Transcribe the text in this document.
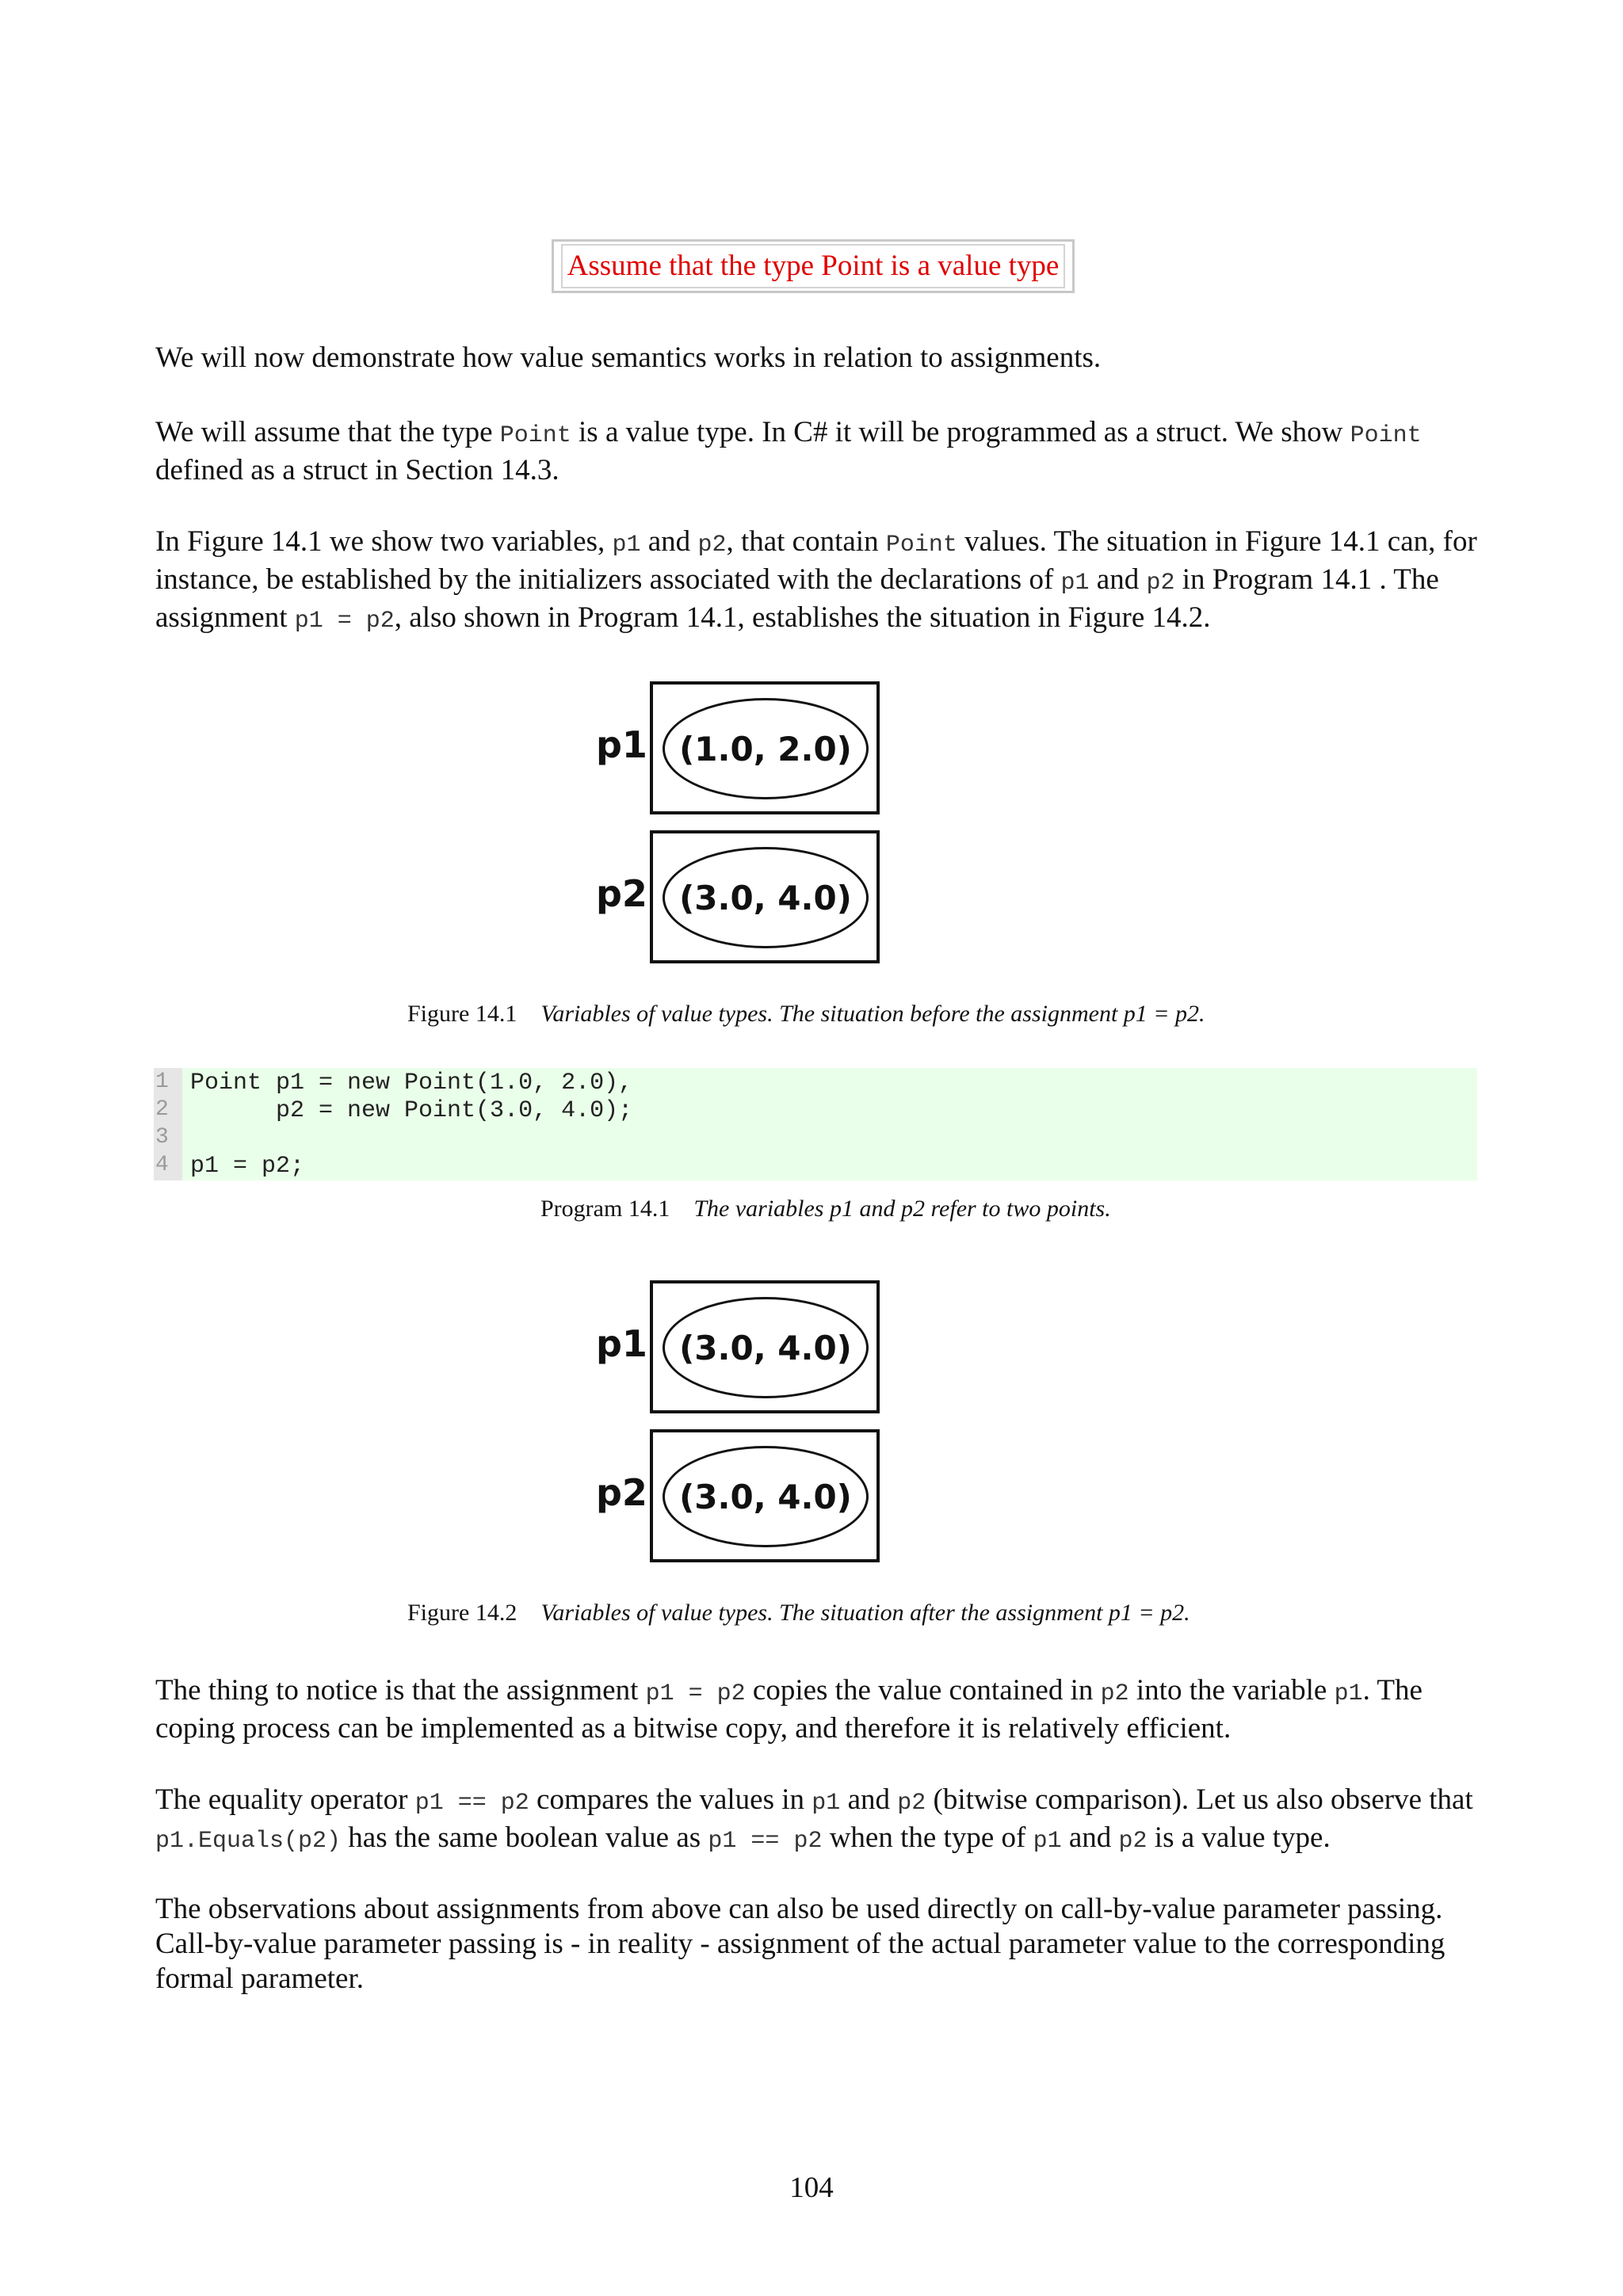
Assume that the type Point is a value type

We will now demonstrate how value semantics works in relation to assignments.

We will assume that the type Point is a value type. In C# it will be programmed as a struct. We show Point defined as a struct in Section 14.3.

In Figure 14.1 we show two variables, p1 and p2, that contain Point values. The situation in Figure 14.1 can, for instance, be established by the initializers associated with the declarations of p1 and p2 in Program 14.1 . The assignment p1 = p2, also shown in Program 14.1, establishes the situation in Figure 14.2.

p1 (1.0, 2.0)
p2 (3.0, 4.0)
Figure 14.1 Variables of value types. The situation before the assignment p1 = p2.
1 Point p1 = new Point(1.0, 2.0),
2 p2 = new Point(3.0, 4.0);
3
4 p1 = p2;
Program 14.1 The variables p1 and p2 refer to two points.
p1 (3.0, 4.0)
p2 (3.0, 4.0)
Figure 14.2 Variables of value types. The situation after the assignment p1 = p2.

The thing to notice is that the assignment p1 = p2 copies the value contained in p2 into the variable p1. The coping process can be implemented as a bitwise copy, and therefore it is relatively efficient.

The equality operator p1 == p2 compares the values in p1 and p2 (bitwise comparison). Let us also observe that p1.Equals(p2) has the same boolean value as p1 == p2 when the type of p1 and p2 is a value type.

The observations about assignments from above can also be used directly on call-by-value parameter passing. Call-by-value parameter passing is - in reality - assignment of the actual parameter value to the corresponding formal parameter.

104
